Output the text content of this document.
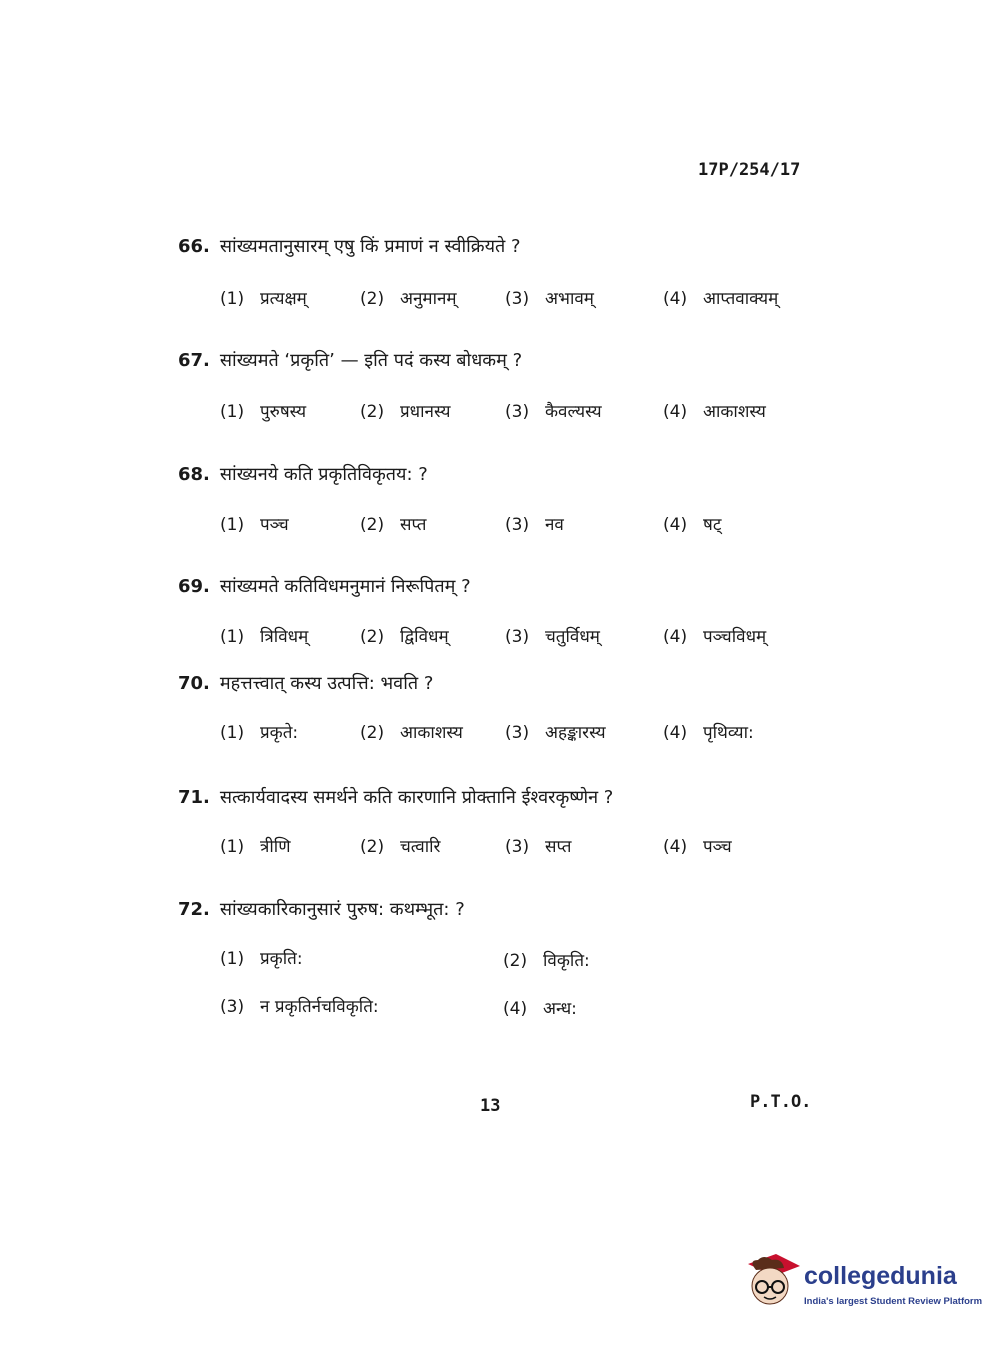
17P/254/17
66. सांख्यमतानुसारम् एषु किं प्रमाणं न स्वीक्रियते ?
(1) प्रत्यक्षम्	(2) अनुमानम्	(3) अभावम्	(4) आप्तवाक्यम्
67. सांख्यमते ‘प्रकृति’ — इति पदं कस्य बोधकम् ?
(1) पुरुषस्य	(2) प्रधानस्य	(3) कैवल्यस्य	(4) आकाशस्य
68. सांख्यनये कति प्रकृतिविकृतय: ?
(1) पञ्च	(2) सप्त	(3) नव	(4) षट्
69. सांख्यमते कतिविधमनुमानं निरूपितम् ?
(1) त्रिविधम्	(2) द्विविधम्	(3) चतुर्विधम्	(4) पञ्चविधम्
70. महत्तत्त्वात् कस्य उत्पत्ति: भवति ?
(1) प्रकृते:	(2) आकाशस्य (3) अहङ्कारस्य	(4) पृथिव्या:
71. सत्कार्यवादस्य समर्थने कति कारणानि प्रोक्तानि ईश्वरकृष्णेन ?
(1) त्रीणि	(2) चत्वारि	(3) सप्त	(4) पञ्च
72. सांख्यकारिकानुसारं पुरुष: कथम्भूत: ?
(1) प्रकृति:	(2) विकृति:
(3) न प्रकृतिर्नचविकृति:	(4) अन्ध:
13	P.T.O.
collegedunia
India's largest Student Review Platform
